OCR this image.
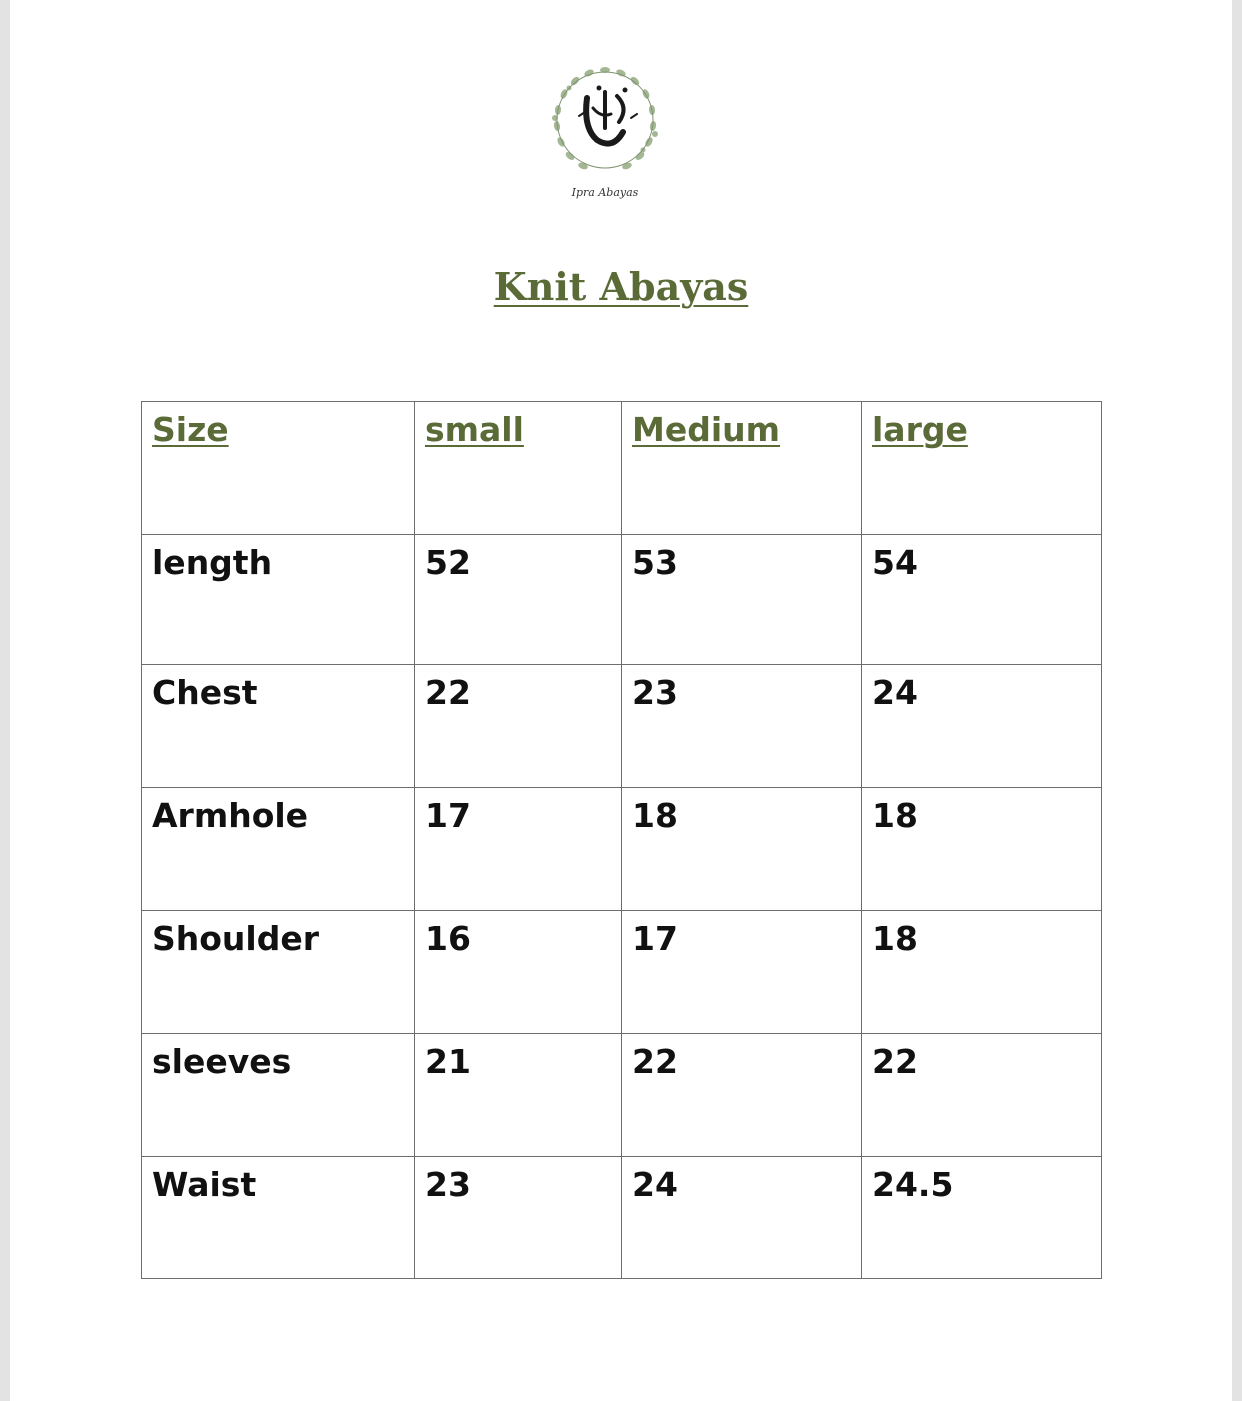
Ipra Abayas
Knit Abayas
Size	small	Medium	large
length	52	53	54
Chest	22	23	24
Armhole	17	18	18
Shoulder	16	17	18
sleeves	21	22	22
Waist	23	24	24.5
